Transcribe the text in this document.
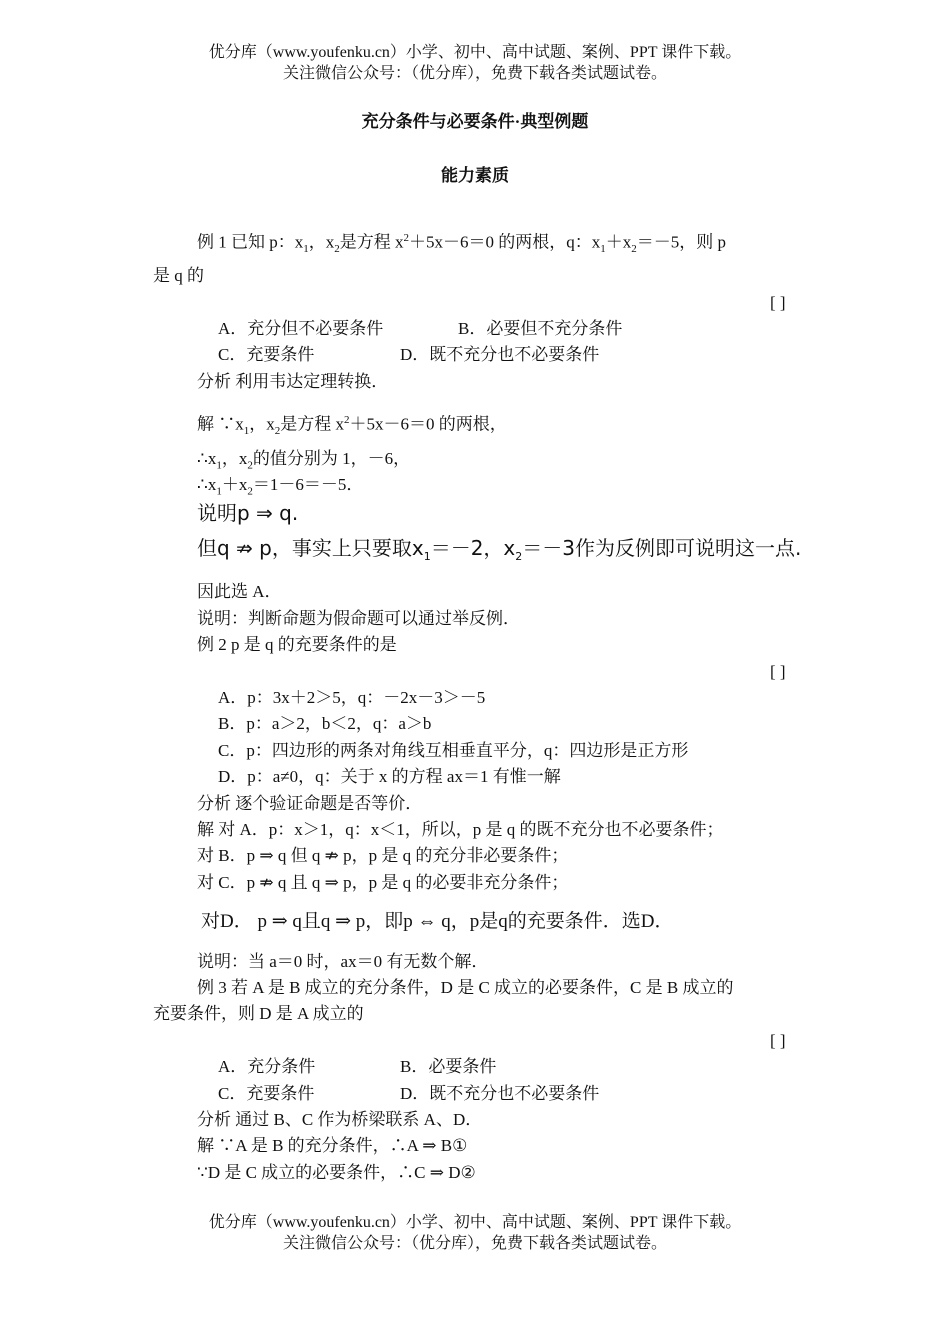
优分库（www.youfenku.cn）小学、初中、高中试题、案例、PPT 课件下载。
关注微信公众号：（优分库），免费下载各类试题试卷。
充分条件与必要条件·典型例题
能力素质
例 1 已知 p：$x_1$，$x_2$是方程 $x^2+5x-6=0$ 的两根，q：$x_1+x_2=-5$，则 p
是 q 的
[ ]
A．充分但不必要条件	B．必要但不充分条件
C．充要条件	D．既不充分也不必要条件
分析 利用韦达定理转换．
解 $\because x_1$，$x_2$是方程 $x^2+5x-6=0$ 的两根，
$\therefore x_1$，$x_2$的值分别为 1，－6，
$\therefore x_1+x_2=1-6=-5$．
说明p ⇒ q.
但q ⇏ p，事实上只要取$x_1=-2$，$x_2=-3$作为反例即可说明这一点.
因此选 A．
说明：判断命题为假命题可以通过举反例．
例 2 p 是 q 的充要条件的是
[ ]
A．p：3x＋2＞5，q：－2x－3＞－5
B．p：a＞2，b＜2，q：a＞b
C．p：四边形的两条对角线互相垂直平分，q：四边形是正方形
D．p：a≠0，q：关于 x 的方程 ax＝1 有惟一解
分析 逐个验证命题是否等价．
解 对 A．p：x＞1，q：x＜1，所以，p 是 q 的既不充分也不必要条件；
对 B．p ⇒ q 但 q ⇏ p，p 是 q 的充分非必要条件；
对 C．p ⇏ q 且 q ⇒ p，p 是 q 的必要非充分条件；
对D． p ⇒ q且q ⇒ p，即p ⇔ q，p是q的充要条件．选D．
说明：当 a＝0 时，ax＝0 有无数个解．
例 3 若 A 是 B 成立的充分条件，D 是 C 成立的必要条件，C 是 B 成立的
充要条件，则 D 是 A 成立的
[ ]
A．充分条件	B．必要条件
C．充要条件	D．既不充分也不必要条件
分析 通过 B、C 作为桥梁联系 A、D．
解 ∵A 是 B 的充分条件，∴A ⇒ B①
∵D 是 C 成立的必要条件，∴C ⇒ D②
优分库（www.youfenku.cn）小学、初中、高中试题、案例、PPT 课件下载。
关注微信公众号：（优分库），免费下载各类试题试卷。
